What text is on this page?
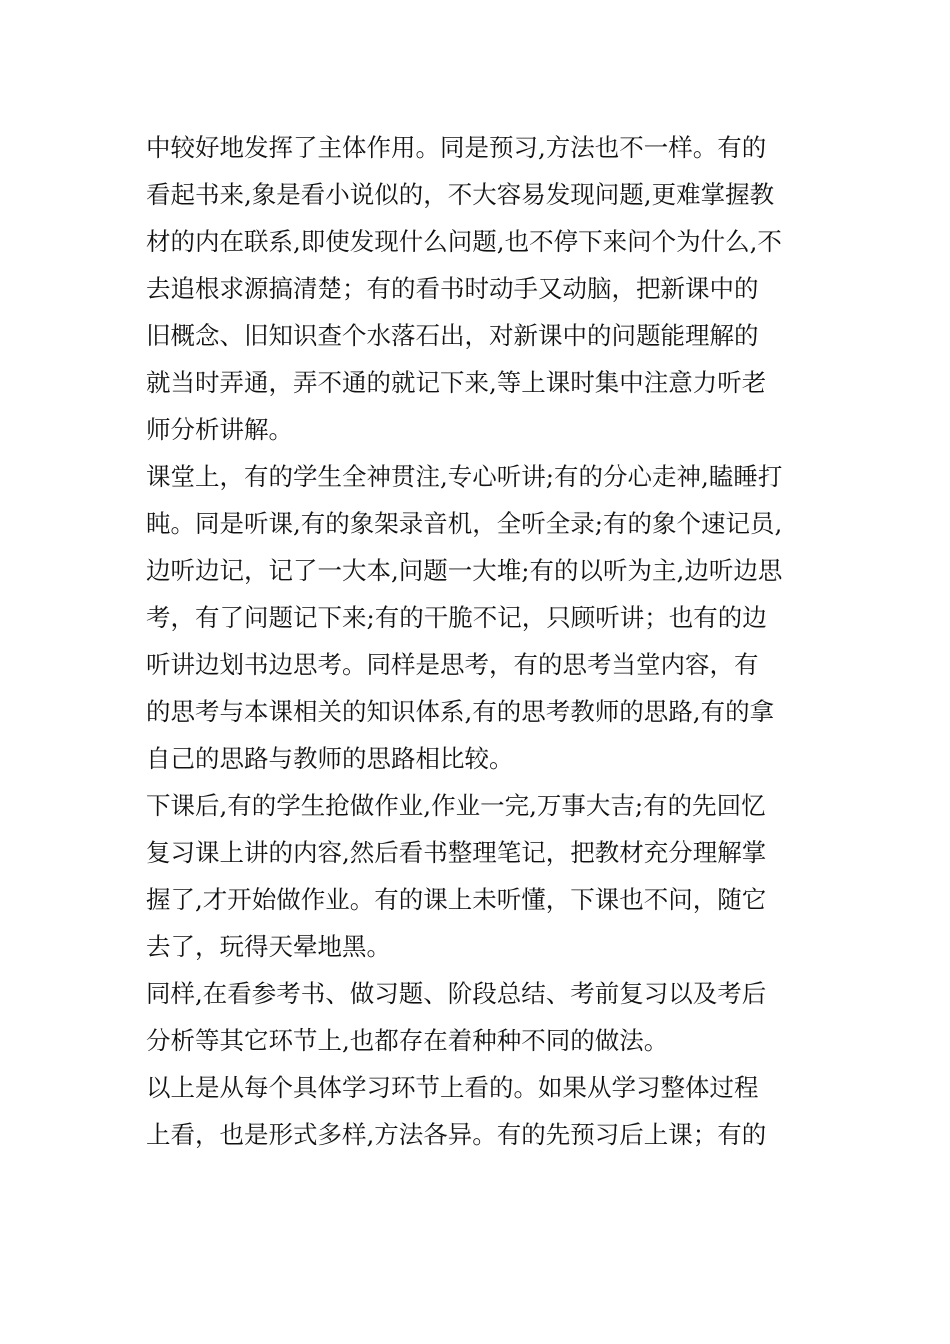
中较好地发挥了主体作用。同是预习,方法也不一样。有的
看起书来,象是看小说似的，不大容易发现问题,更难掌握教
材的内在联系,即使发现什么问题,也不停下来问个为什么,不
去追根求源搞清楚；有的看书时动手又动脑，把新课中的
旧概念、旧知识查个水落石出，对新课中的问题能理解的
就当时弄通，弄不通的就记下来,等上课时集中注意力听老
师分析讲解。
课堂上，有的学生全神贯注,专心听讲;有的分心走神,瞌睡打
盹。同是听课,有的象架录音机，全听全录;有的象个速记员,
边听边记，记了一大本,问题一大堆;有的以听为主,边听边思
考，有了问题记下来;有的干脆不记，只顾听讲；也有的边
听讲边划书边思考。同样是思考，有的思考当堂内容，有
的思考与本课相关的知识体系,有的思考教师的思路,有的拿
自己的思路与教师的思路相比较。
下课后,有的学生抢做作业,作业一完,万事大吉;有的先回忆
复习课上讲的内容,然后看书整理笔记，把教材充分理解掌
握了,才开始做作业。有的课上未听懂，下课也不问，随它
去了，玩得天晕地黑。
同样,在看参考书、做习题、阶段总结、考前复习以及考后
分析等其它环节上,也都存在着种种不同的做法。
以上是从每个具体学习环节上看的。如果从学习整体过程
上看，也是形式多样,方法各异。有的先预习后上课；有的
